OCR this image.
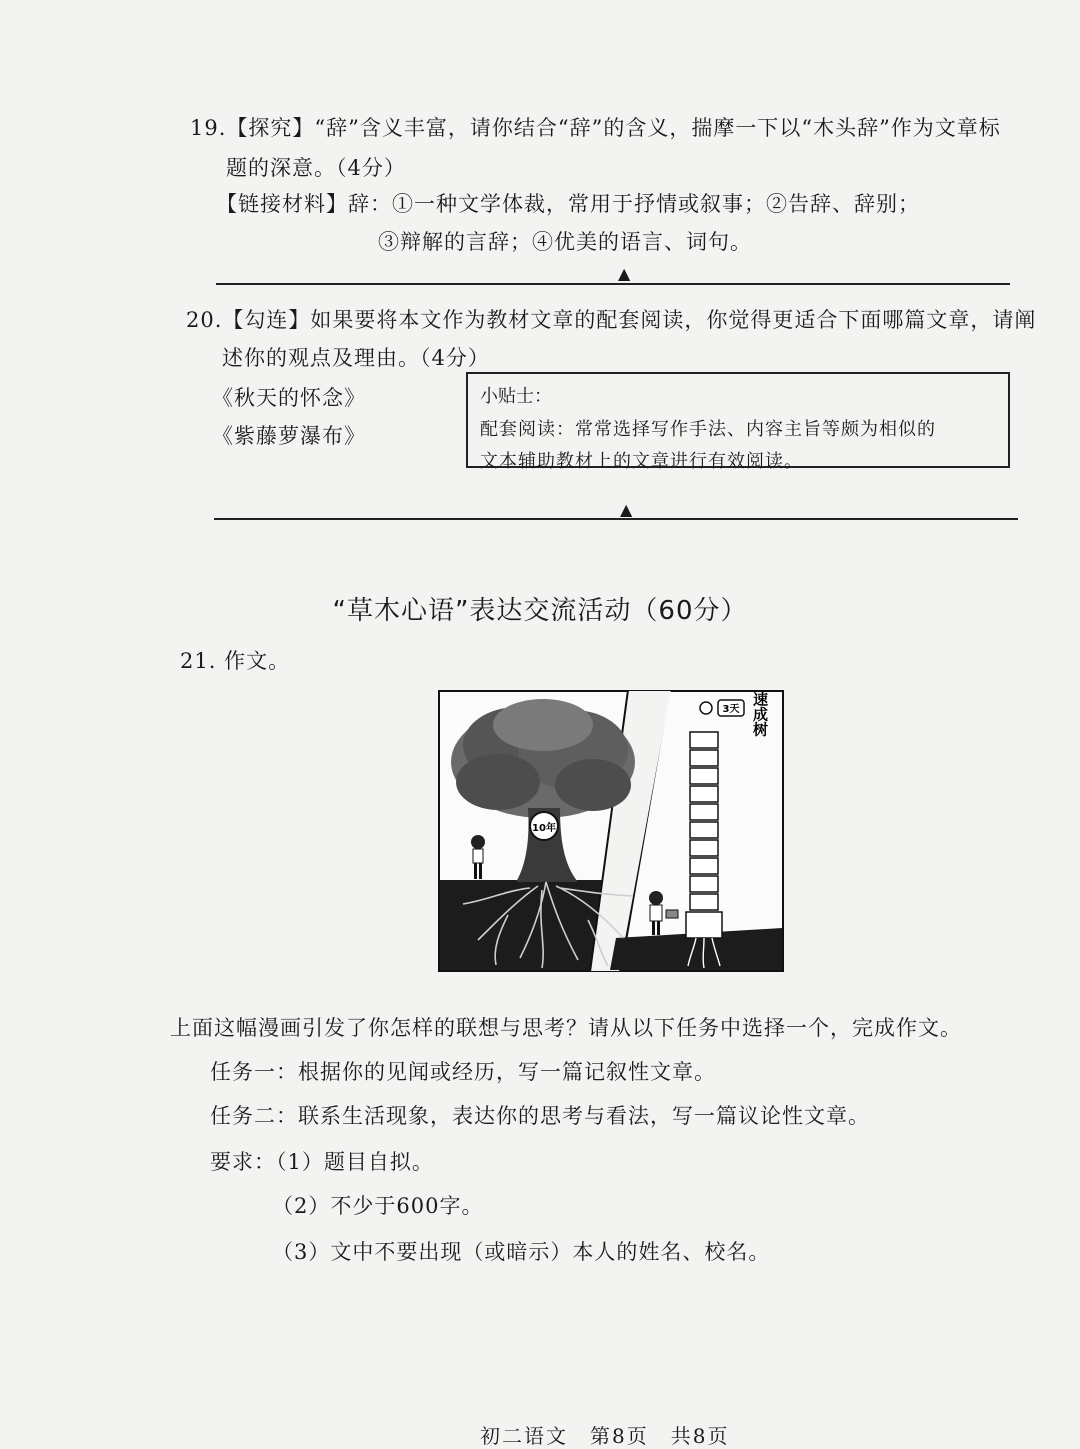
19.【探究】“辞”含义丰富，请你结合“辞”的含义，揣摩一下以“木头辞”作为文章标
题的深意。（4分）
【链接材料】辞：①一种文学体裁，常用于抒情或叙事；②告辞、辞别；
③辩解的言辞；④优美的语言、词句。
▲
20.【勾连】如果要将本文作为教材文章的配套阅读，你觉得更适合下面哪篇文章，请阐
述你的观点及理由。（4分）
《秋天的怀念》
《紫藤萝瀑布》
小贴士：
配套阅读：常常选择写作手法、内容主旨等颇为相似的
文本辅助教材上的文章进行有效阅读。
▲
“草木心语”表达交流活动（60分）
21. 作文。
10年
3天 速成树
上面这幅漫画引发了你怎样的联想与思考？请从以下任务中选择一个，完成作文。
任务一：根据你的见闻或经历，写一篇记叙性文章。
任务二：联系生活现象，表达你的思考与看法，写一篇议论性文章。
要求：（1）题目自拟。
（2）不少于600字。
（3）文中不要出现（或暗示）本人的姓名、校名。
初二语文　第8页　共8页
